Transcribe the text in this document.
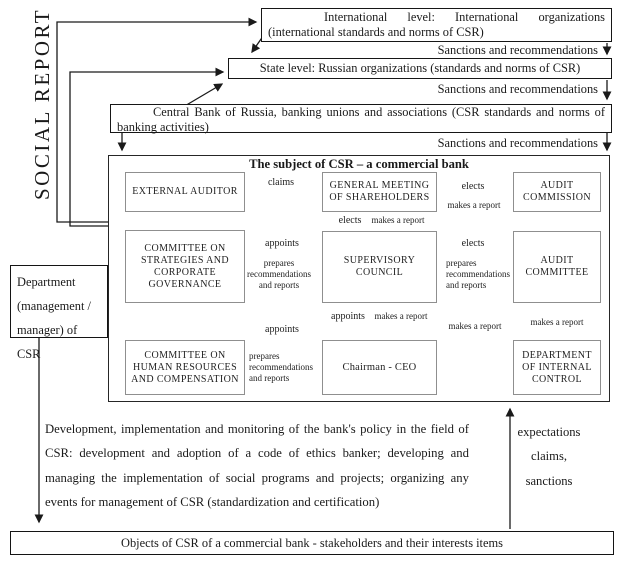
SOCIAL REPORT	International level: International organizations (international standards and norms of CSR)
Sanctions and recommendations
State level: Russian organizations (standards and norms of CSR)
Sanctions and recommendations
Central Bank of Russia, banking unions and associations (CSR standards and norms of banking activities)
Sanctions and recommendations
The subject of CSR – a commercial bank
EXTERNAL AUDITOR
GENERAL MEETING OF SHAREHOLDERS
AUDIT COMMISSION
COMMITTEE ON STRATEGIES AND CORPORATE GOVERNANCE
SUPERVISORY COUNCIL
AUDIT COMMITTEE
COMMITTEE ON HUMAN RESOURCES AND COMPENSATION
Chairman - CEO
DEPARTMENT OF INTERNAL CONTROL
claims	elects
makes a report
elects	makes a report
appoints
prepares recommendations and reports
elects
prepares recommendations and reports
appoints	makes a report
appoints
prepares recommendations and reports
makes a report	makes a report
Department (management / manager) of CSR
Development, implementation and monitoring of the bank's policy in the field of CSR: development and adoption of a code of ethics banker; developing and managing the implementation of social programs and projects; organizing any events for management of CSR (standardization and certification)
expectations
claims,
sanctions
Objects of CSR of a commercial bank - stakeholders and their interests items
